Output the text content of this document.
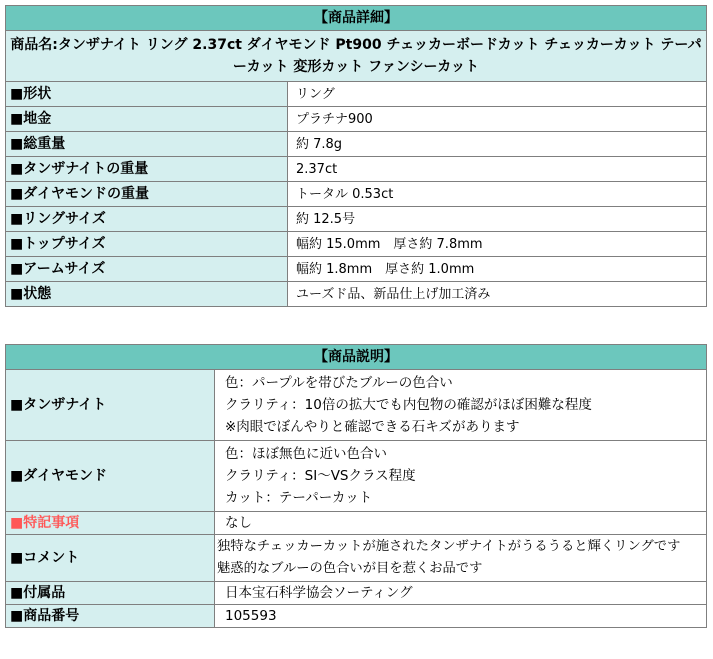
【商品詳細】	
商品名:タンザナイト リング 2.37ct ダイヤモンド Pt900 チェッカーボードカット チェッカーカット テーパーカット 変形カット ファンシーカット	
■形状	リング
■地金	プラチナ900
■総重量	約 7.8g
■タンザナイトの重量	2.37ct
■ダイヤモンドの重量	トータル 0.53ct
■リングサイズ	約 12.5号
■トップサイズ	幅約 15.0mm　厚さ約 7.8mm
■アームサイズ	幅約 1.8mm　厚さ約 1.0mm
■状態	ユーズド品、新品仕上げ加工済み
【商品説明】	
■タンザナイト	色：パープルを帯びたブルーの色合い
クラリティ：10倍の拡大でも内包物の確認がほぼ困難な程度
※肉眼でぼんやりと確認できる石キズがあります

■ダイヤモンド	色：ほぼ無色に近い色合い
クラリティ：SI～VSクラス程度
カット：テーパーカット

■特記事項	なし
■コメント	独特なチェッカーカットが施されたタンザナイトがうるうると輝くリングです
魅惑的なブルーの色合いが目を惹くお品です

■付属品	日本宝石科学協会ソーティング
■商品番号	105593
